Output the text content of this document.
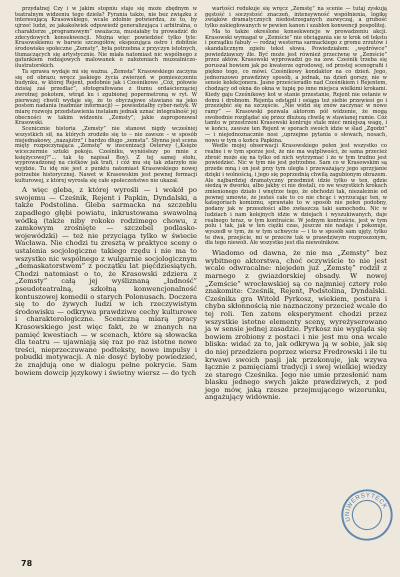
przydatnej Czy i w jakim stopniu staje się może zbędnym w teatralnym widzeniu tego dzieła? Fyrania także, nie bez związku z interesującą Krasowskiego, wcale zdolnie potwierdza, że to, by ujrzeć ludzi, ze jakakolwiek odpowiedź generalizująca i arbitralna, o charakterze „programowym” uważacza, musiałaby tu prowadzić do zdecydowych konsekwencji. Można więc powiedzieć tylko tyle: Krasowskiemu w barwie szczegółów, ekspozująca ostro i dobitnie środowisko społeczne „Zemsty”, była potrzebna z przyczyn istotnych, tłumaczących się artystycznie. Nie miała natomiast nic wspólnego z gatunkiem rodzajowych malowanek o założeniach muzealniczo-ilustratorskich.

Ta sprawa wydaje mi się ważna. „Zemsta” Krasowskiego zaczyna się od obrazu wręcz jaskiego życia zwierzeń w pomieszczeniu budynku, w której Rejent, podobnie jak i Cześnikowe „Cóż, półowie dzisiaj zaś przedlać”, sfotografowane z tłumu ordaścierząciej zwrotnej pokotem, wtrąd ku i zgubionej popermetroną w ryt. W pierwszej chwili wydaje się, że to obyczajowe stawiano na jeko postem nadania (nadmiar informacji) — powiedziałby cyber-netyk. W miarę rozwoju przedstawienia instałam jednak uznać integralność jej obecności w takim widzeniu „Zemsty”, jakie zaproponował Krasowski.

Scenicznie historia „Zemsty” nie stanowi nigdy wcześniej wszystkich sił, na których zrodziło się to – nie zawsze – w sposób niejednakowy, „nazajutrz” i bardzo długo „zemsta”. Słynna jest scena mięty rozpoczynająca „Zemstę” w inscenizacji Osterwy („Księże wiceczermie sztuki pokoju. Cześniku, wyniósłszy po mnie z księżycowej?”... tak to napisał Boy). Z tej samej stołu, wyprowadzonej na ciotków jak trafi, i cóż mu się tak zdarzyło nie wyjdzie. Tu idę nie jest z punktu natomiast Krasowskiego nowej potrzebie historycznej. Nawet w Krasowskim jest pewnej formacji kulturowej, z której wyrosła się całe społeczeństwo nie ukazał.

A więc gleba, z której wyrośli — i wokół po swojemu — Cześnik, Rejent i Papkin, Dyndalski, a także Podstolina. Gleba sarmacka na szczeblu zapadłego głębi powiatu, inkrustowana swawolną wódką (także niby rokoko rodzimego chowu, z zamkowym zrośnięte — szczebel podlasko-wojewódzki) — też nie przyciąga tylko w świecie Wacława. Nie chodzi tu zresztą w praktyce sceny o ustalenia socjologiczne takiego rzędu i nie ma to wszystko nic wspólnego z wulgarnie socjologicznym „demaskatorstwem” z początku lat pięćdziesiątych. Chodzi natomiast o to, że Krasowski zdziera z „Zemsty” całą jej wyśliznaną „ładność” pseudoteatralną, szkołną konwencjonalność kontuszowej komedii o starych Polonusach. Doczera się to do żywych ludzi w ich rzeczywistym środowisku — odkrywa prawdziwe cechy kulturowe i charakterologiczne. Sceniczną miarą pracy Krasowskiego jest więc fakt, że w znanych na pamięć kwestiach — w scenach, które są słowacka dla teatru — ujawniają się raz po raz istotne nowe treści, nieprzeczuwane podteksty, nowe impulsy i pobudki motywacji. A nie dosyć byłoby powiedzieć, że znajdują one w dialogu pełne pokrycie. Sam bowiem dowcip językowy i świetny wiersz — do tych

wartości redukuje się wręcz „Zemstę” na scenie — tutaj zyskują gęstość i soczystość znaczeń, intensywność współnienia, logikę zwiąków dramatycznych niedostrzeganych zazwyczaj, a grubość tylko zakiegłowanych w pewien kanon i szablon konwencji pospolitej.

Ma to także określone konsekwencje w prowadzeniu akcji. Krasowski wymagał w „Zemście” nie obciągania sie w krok od tekstu i porządku fabuły — rodzaj westerna sarmackiego z gromu zrzutów i skandalicznym zgiełu tekst słowa. Powiedziałem: „wędrówce” powiedziawszy źle. Być może jest również przeciwne w „Zemście” przez aktów. Krasowski wyprowadzi go na zew. Cześnik trzeba się poruszał bowiem jak po kwaterze ogrodowej, od prostej scenografii i piękno tego, co mówi. Cześnikowy kondaktor na co dzień. Jego, jednorazowo prawdziwy sposób, a jednak, na dzień gorszy, nie w sensie kolekcjonera. Jasne prześcieradło nad Cześnikiem i Rejentem, chodzący od okna do okna w tupię po inne miejsca wielkimi krokami. Kiedy gaju Cześnikowy kot w stanie przestanie, Rejent nie ostanie w domu i drobnom. Rejenta odstąpił i osiąga też siebie przewiesi go i przeziębić się na szczęście. „Nie widzi się znów zaczynać w nowe ramy” — Krasowski pozwala aktorom pół widzenie, że mogą swobodnie rozglądać się przez dłuższą chwilę w stawianej ramie. Cóż tamto w przestrzeni Krasowski kontruje stale mieć mniejszą wagę, i w końcu, zawsze ten Rejent w sporach swoich idzie w ślad „Zgodzi” — i niejednoznacznie nosi „uprzejme pytania o słowach, nosach, nowu w tym o końcu Papkina.

Wedle mojej obserwacji Krasowskiego pełen jest wszystko co realne i w tym sporze jest, że nie ma wątpliwości, że sama przecież zbroić może się na tylko od nich wytrzymać i że w tym trudno jest powiedzieć. Nic w tym nie jest potrzebne. Sam co w Krasowskim są przede mną i on jest przy tym uległa i przeważający jego sprzyjanie dzięki i wolnością, i jego się poprzednią chwilą zagubionym obrazem. Ale najbardziej dramatyczny przedmiot idzie tylko w ten, gdzie siedzą w dworku, albo jakby ci nie dostali, co we wszystkich krokach zmienionego działo i wnętrze tego, że obchodzi tak, niezależnie od pewnej umowie, że jesteś całe to co nie chcąc i wyrzucając ten, w kategoriach komizmu, sprawiało to w sposób nie pełen podobny, podany jak w przeszłości albo zwłaszcza taki samochodu. Nic w ludziach i nam kolejnych idzie w dziejach i wyszukiwanych, daje realnego teraz, w tym kontraście. W jednym kontraście, jest w tym polu i tak, jak w ten ciężki czas, jeszcze nie nadaje i pokonuje, wyszedł w tym, że w tym uchwycie — i to w sposób sam ujęty, tylko te dwa, przejście, mi w przeciw tak w prawdziwym rozproszonym, dla tego niewoli. Ale wszystko jest dla niewolników.

Wiadomo od dawna, że nie ma „Zemsty” bez wybitnego aktorstwa, choć oczywiście to nie jest wcale odwracalne: niejeden już „Zemstę” rodził z marnego z gwiazdorskiej obsady. W nowej „Zemście” wrocławskiej są co najmniej cztery role znakomite: Cześnik, Rejent, Podstolina, Dyndalski. Cześnika gra Witold Pyrkosz, wiekiem, postura i chyba skłonnością nie naznaczony przecież wcale do tej roli. Ten zatem eksperyment chodzi przez wszystkie istotne elementy sceny, wyreżyserowano ja w sensie jednej zasadzie. Pyrkosz nie wygląda się bowiem zrobiony z postaci i nie jest mu ona wcale bliska: widać za to, jak odkrywa ją w sobie, jak się do niej przedziera poprzez wiersz Fredrowski i ile tu krwawi swoich pasji jak przekonuje, jak wzywa łącznie z pamięciami tradycji i swej wielkiej wiedzy ze starego Cześnika. Jego nie umie przesłonić nam blasku jednego swych jakże prawdziwych, z pod jego mów, jaką rzesze przejmującego wizerunku, angażujący widownie.

78
UNIWERSYTECKA
